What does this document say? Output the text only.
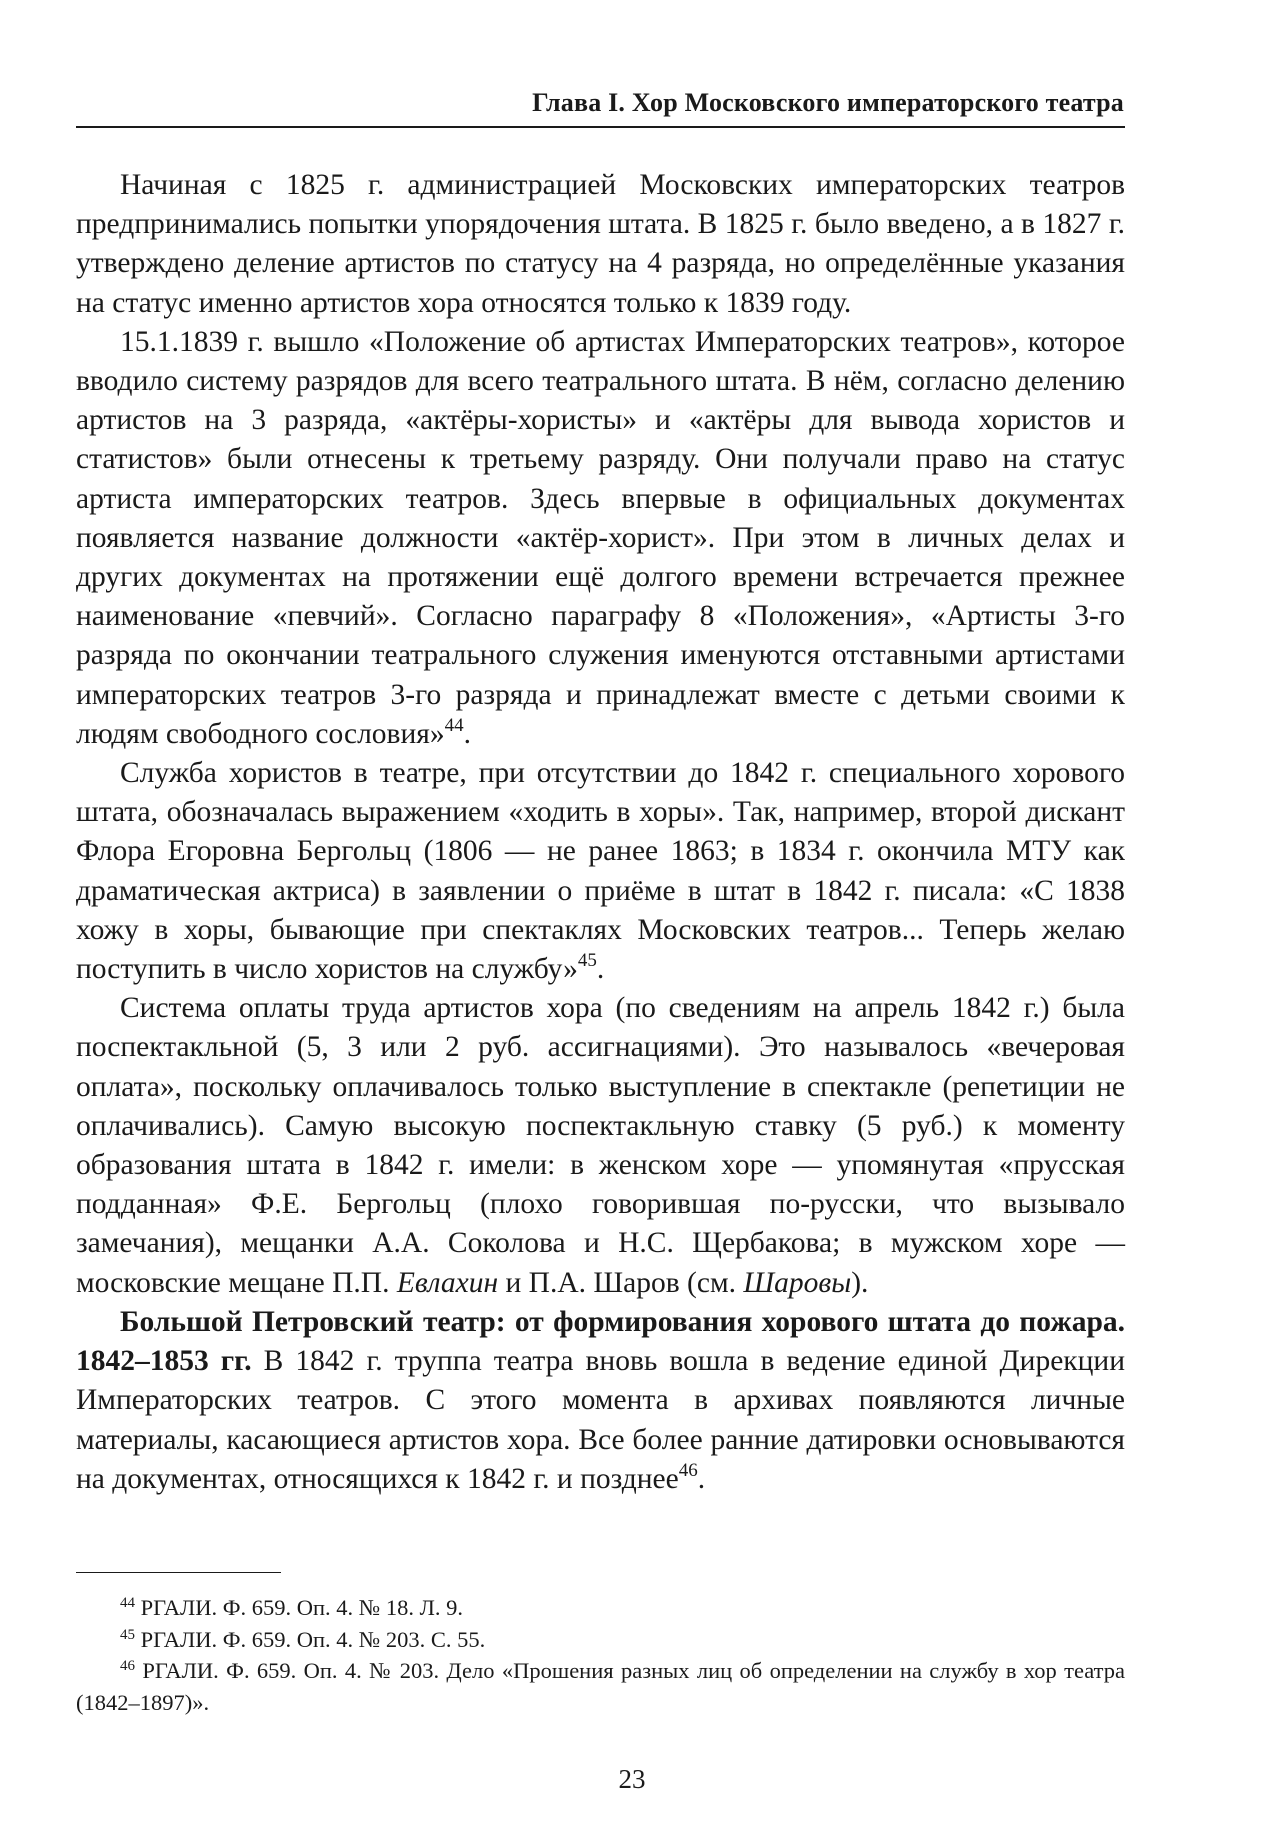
Глава I. Хор Московского императорского театра

Начиная с 1825 г. администрацией Московских императорских театров предпринимались попытки упорядочения штата. В 1825 г. было введено, а в 1827 г. утверждено деление артистов по статусу на 4 разряда, но определённые указания на статус именно артистов хора относятся только к 1839 году.

15.1.1839 г. вышло «Положение об артистах Императорских театров», которое вводило систему разрядов для всего театрального штата. В нём, согласно делению артистов на 3 разряда, «актёры-хористы» и «актёры для вывода хористов и статистов» были отнесены к третьему разряду. Они получали право на статус артиста императорских театров. Здесь впервые в официальных документах появляется название должности «актёр-хорист». При этом в личных делах и других документах на протяжении ещё долгого времени встречается прежнее наименование «певчий». Согласно параграфу 8 «Положения», «Артисты 3-го разряда по окончании театрального служения именуются отставными артистами императорских театров 3-го разряда и принадлежат вместе с детьми своими к людям свободного сословия»$^{44}$.

Служба хористов в театре, при отсутствии до 1842 г. специального хорового штата, обозначалась выражением «ходить в хоры». Так, например, второй дискант Флора Егоровна Бергольц (1806 — не ранее 1863; в 1834 г. окончила МТУ как драматическая актриса) в заявлении о приёме в штат в 1842 г. писала: «С 1838 хожу в хоры, бывающие при спектаклях Московских театров... Теперь желаю поступить в число хористов на службу»$^{45}$.

Система оплаты труда артистов хора (по сведениям на апрель 1842 г.) была поспектакльной (5, 3 или 2 руб. ассигнациями). Это называлось «вечеровая оплата», поскольку оплачивалось только выступление в спектакле (репетиции не оплачивались). Самую высокую поспектакльную ставку (5 руб.) к моменту образования штата в 1842 г. имели: в женском хоре — упомянутая «прусская подданная» Ф.Е. Бергольц (плохо говорившая по-русски, что вызывало замечания), мещанки А.А. Соколова и Н.С. Щербакова; в мужском хоре — московские мещане П.П. Евлахин и П.А. Шаров (см. Шаровы).

Большой Петровский театр: от формирования хорового штата до пожара. 1842–1853 гг. В 1842 г. труппа театра вновь вошла в ведение единой Дирекции Императорских театров. С этого момента в архивах появляются личные материалы, касающиеся артистов хора. Все более ранние датировки основываются на документах, относящихся к 1842 г. и позднее$^{46}$.

$^{44}$ РГАЛИ. Ф. 659. Оп. 4. № 18. Л. 9.

$^{45}$ РГАЛИ. Ф. 659. Оп. 4. № 203. С. 55.

$^{46}$ РГАЛИ. Ф. 659. Оп. 4. № 203. Дело «Прошения разных лиц об определении на службу в хор театра (1842–1897)».

23
